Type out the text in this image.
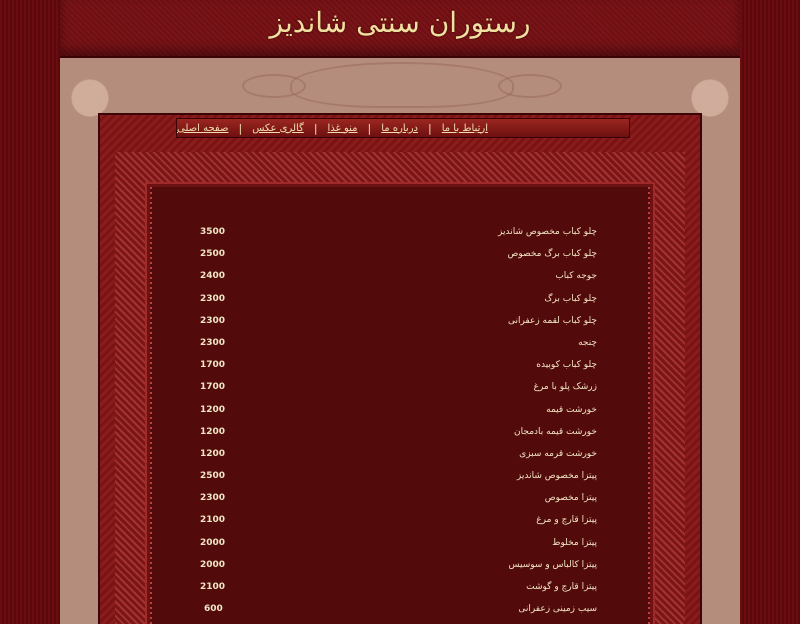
رستوران سنتی شاندیز
صفحه اصلی | گالری عکس | منو غذا | درباره ما | ارتباط با ما
چلو کباب مخصوص شاندیز
3500
چلو کباب برگ مخصوص
2500
جوجه کباب
2400
چلو کباب برگ
2300
چلو کباب لقمه زعفرانی
2300
چنجه
2300
چلو کباب کوبیده
1700
زرشک پلو با مرغ
1700
خورشت قیمه
1200
خورشت قیمه بادمجان
1200
خورشت قرمه سبزی
1200
پیتزا مخصوص شاندیز
2500
پیتزا مخصوص
2300
پیتزا قارچ و مرغ
2100
پیتزا مخلوط
2000
پیتزا کالباس و سوسیس
2000
پیتزا قارچ و گوشت
2100
سیب زمینی زعفرانی
600
